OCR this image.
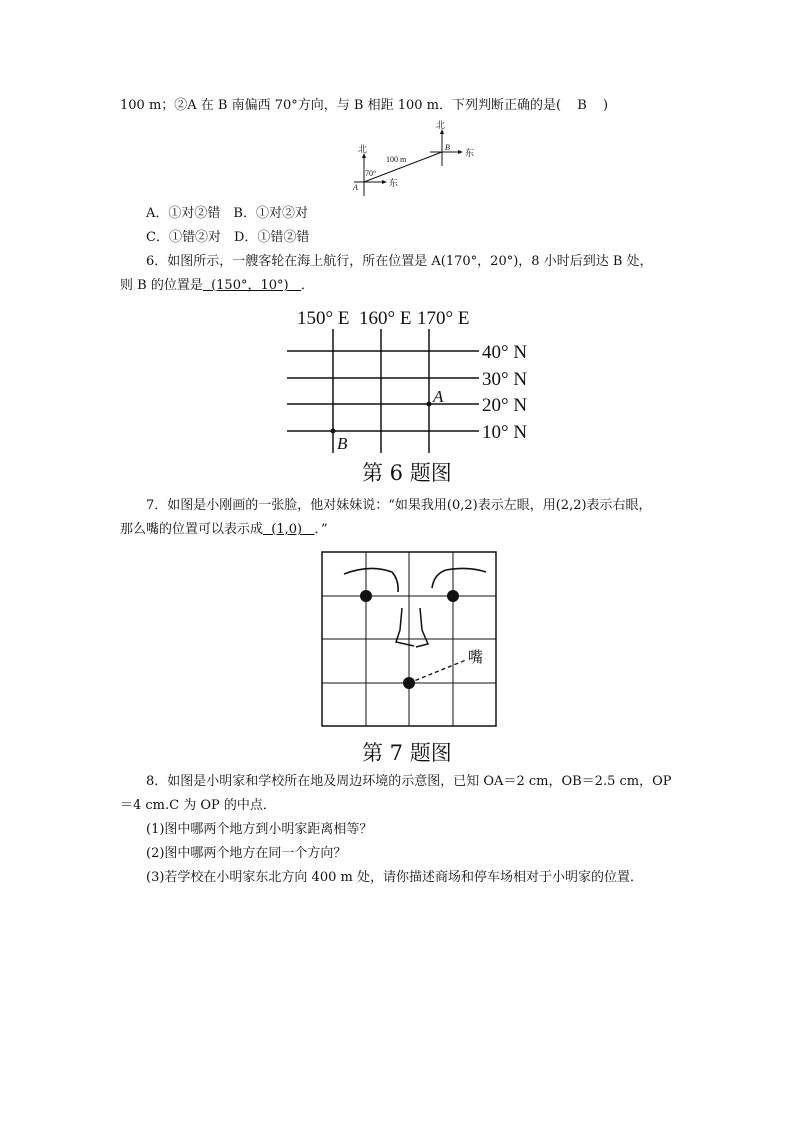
100 m；②A 在 B 南偏西 70°方向，与 B 相距 100 m．下列判断正确的是( B )
北
东
B
北
东
A
100 m
70°
A．①对②错　B．①对②对
C．①错②对　D．①错②错
6．如图所示，一艘客轮在海上航行，所在位置是 A(170°，20°)，8 小时后到达 B 处，
则 B 的位置是 (150°，10°) ．
150° E 160° E 170° E
40° N
30° N
20° N
10° N
A
B
第 6 题图
7．如图是小刚画的一张脸，他对妹妹说：“如果我用(0,2)表示左眼，用(2,2)表示右眼，
那么嘴的位置可以表示成 (1,0) ．”
嘴
第 7 题图
8．如图是小明家和学校所在地及周边环境的示意图，已知 OA＝2 cm，OB＝2.5 cm，OP
＝4 cm.C 为 OP 的中点．
(1)图中哪两个地方到小明家距离相等？
(2)图中哪两个地方在同一个方向？
(3)若学校在小明家东北方向 400 m 处，请你描述商场和停车场相对于小明家的位置．
